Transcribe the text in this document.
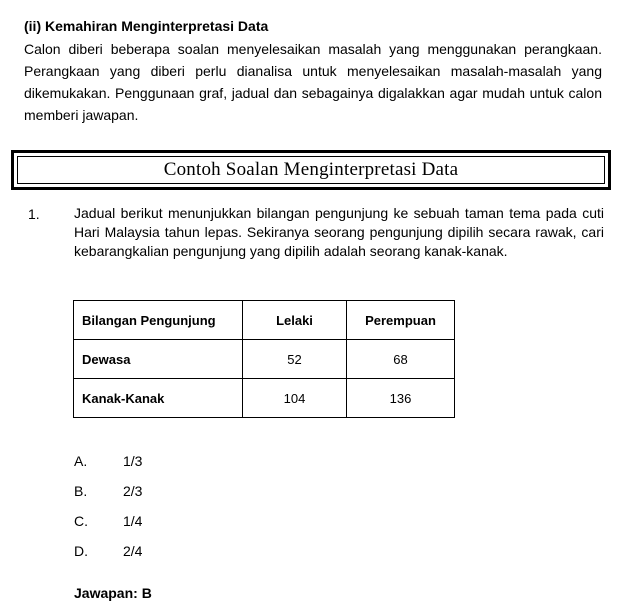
(ii) Kemahiran Menginterpretasi Data
Calon diberi beberapa soalan menyelesaikan masalah yang menggunakan perangkaan. Perangkaan yang diberi perlu dianalisa untuk menyelesaikan masalah-masalah yang dikemukakan. Penggunaan graf, jadual dan sebagainya digalakkan agar mudah untuk calon memberi jawapan.
Contoh Soalan Menginterpretasi Data
1. Jadual berikut menunjukkan bilangan pengunjung ke sebuah taman tema pada cuti Hari Malaysia tahun lepas. Sekiranya seorang pengunjung dipilih secara rawak, cari kebarangkalian pengunjung yang dipilih adalah seorang kanak-kanak.
Bilangan Pengunjung	Lelaki	Perempuan
Dewasa	52	68
Kanak-Kanak	104	136
A.	1/3
B.	2/3
C.	1/4
D.	2/4
Jawapan: B
